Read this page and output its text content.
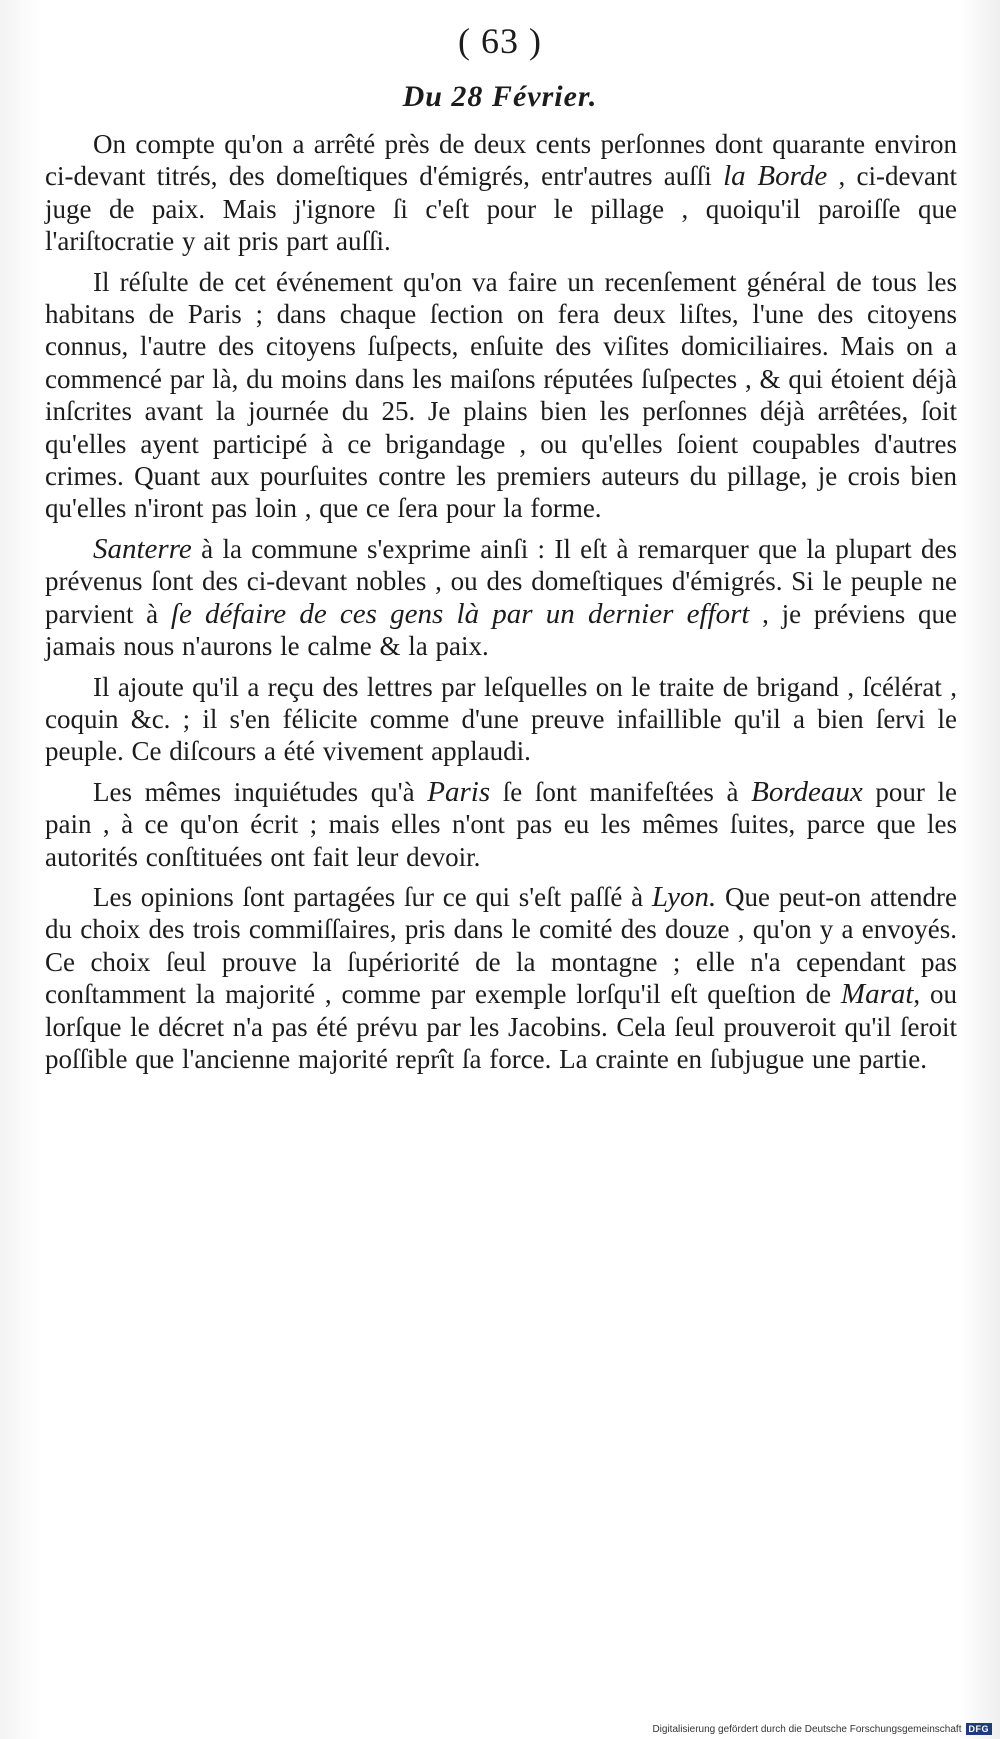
( 63 )
Du 28 Février.

On compte qu'on a arrêté près de deux cents perſonnes dont quarante environ ci-devant titrés, des domeſtiques d'émigrés, entr'autres auſſi la Borde , ci-devant juge de paix. Mais j'ignore ſi c'eſt pour le pillage , quoiqu'il paroiſſe que l'ariſtocratie y ait pris part auſſi.

Il réſulte de cet événement qu'on va faire un recenſement général de tous les habitans de Paris ; dans chaque ſection on fera deux liſtes, l'une des citoyens connus, l'autre des citoyens ſuſpects, enſuite des viſites domiciliaires. Mais on a commencé par là, du moins dans les maiſons réputées ſuſpectes , & qui étoient déjà inſcrites avant la journée du 25. Je plains bien les perſonnes déjà arrêtées, ſoit qu'elles ayent participé à ce brigandage , ou qu'elles ſoient coupables d'autres crimes. Quant aux pourſuites contre les premiers auteurs du pillage, je crois bien qu'elles n'iront pas loin , que ce ſera pour la forme.

Santerre à la commune s'exprime ainſi : Il eſt à remarquer que la plupart des prévenus ſont des ci-devant nobles , ou des domeſtiques d'émigrés. Si le peuple ne parvient à ſe défaire de ces gens là par un dernier effort , je préviens que jamais nous n'aurons le calme & la paix.

Il ajoute qu'il a reçu des lettres par leſquelles on le traite de brigand , ſcélérat , coquin &c. ; il s'en félicite comme d'une preuve infaillible qu'il a bien ſervi le peuple. Ce diſcours a été vivement applaudi.

Les mêmes inquiétudes qu'à Paris ſe ſont manifeſtées à Bordeaux pour le pain , à ce qu'on écrit ; mais elles n'ont pas eu les mêmes ſuites, parce que les autorités conſtituées ont fait leur devoir.

Les opinions ſont partagées ſur ce qui s'eſt paſſé à Lyon. Que peut-on attendre du choix des trois commiſſaires, pris dans le comité des douze , qu'on y a envoyés. Ce choix ſeul prouve la ſupériorité de la montagne ; elle n'a cependant pas conſtamment la majorité , comme par exemple lorſqu'il eſt queſtion de Marat, ou lorſque le décret n'a pas été prévu par les Jacobins. Cela ſeul prouveroit qu'il ſeroit poſſible que l'ancienne majorité reprît ſa force. La crainte en ſubjugue une partie.

Digitalisierung gefördert durch die Deutsche Forschungsgemeinschaft DFG
